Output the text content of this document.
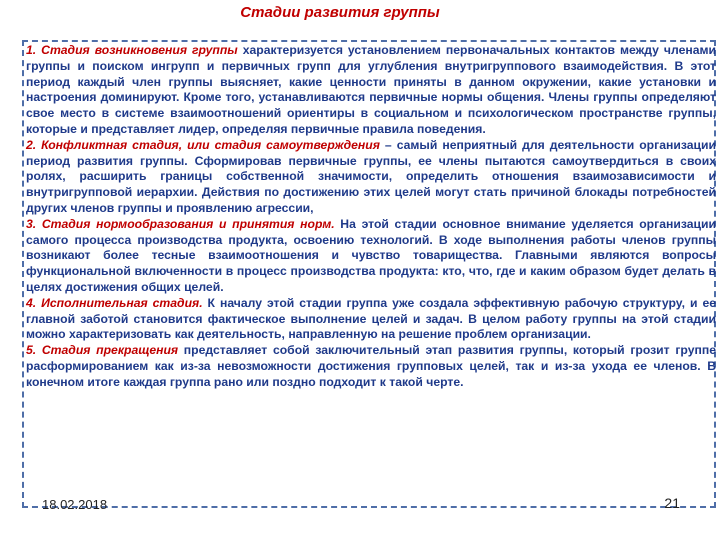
Стадии развития группы
1. Стадия возникновения группы характеризуется установлением первоначальных контактов между членами группы и поиском ингрупп и первичных групп для углубления внутригруппового взаимодействия. В этот период каждый член группы выясняет, какие ценности приняты в данном окружении, какие установки и настроения доминируют. Кроме того, устанавливаются первичные нормы общения. Члены группы определяют свое место в системе взаимоотношений ориентиры в социальном и психологическом пространстве группы, которые и представляет лидер, определяя первичные правила поведения.
2. Конфликтная стадия, или стадия самоутверждения – самый неприятный для деятельности организации период развития группы. Сформировав первичные группы, ее члены пытаются самоутвердиться в своих ролях, расширить границы собственной значимости, определить отношения взаимозависимости и внутригрупповой иерархии. Действия по достижению этих целей могут стать причиной блокады потребностей других членов группы и проявлению агрессии,
3. Стадия нормообразования и принятия норм. На этой стадии основное внимание уделяется организации самого процесса производства продукта, освоению технологий. В ходе выполнения работы членов группы возникают более тесные взаимоотношения и чувство товарищества. Главными являются вопросы функциональной включенности в процесс производства продукта: кто, что, где и каким образом будет делать в целях достижения общих целей.
4. Исполнительная стадия. К началу этой стадии группа уже создала эффективную рабочую структуру, и ее главной заботой становится фактическое выполнение целей и задач. В целом работу группы на этой стадии можно характеризовать как деятельность, направленную на решение проблем организации.
5. Стадия прекращения представляет собой заключительный этап развития группы, который грозит группе расформированием как из-за невозможности достижения групповых целей, так и из-за ухода ее членов. В конечном итоге каждая группа рано или поздно подходит к такой черте.
18.02.2018	21
